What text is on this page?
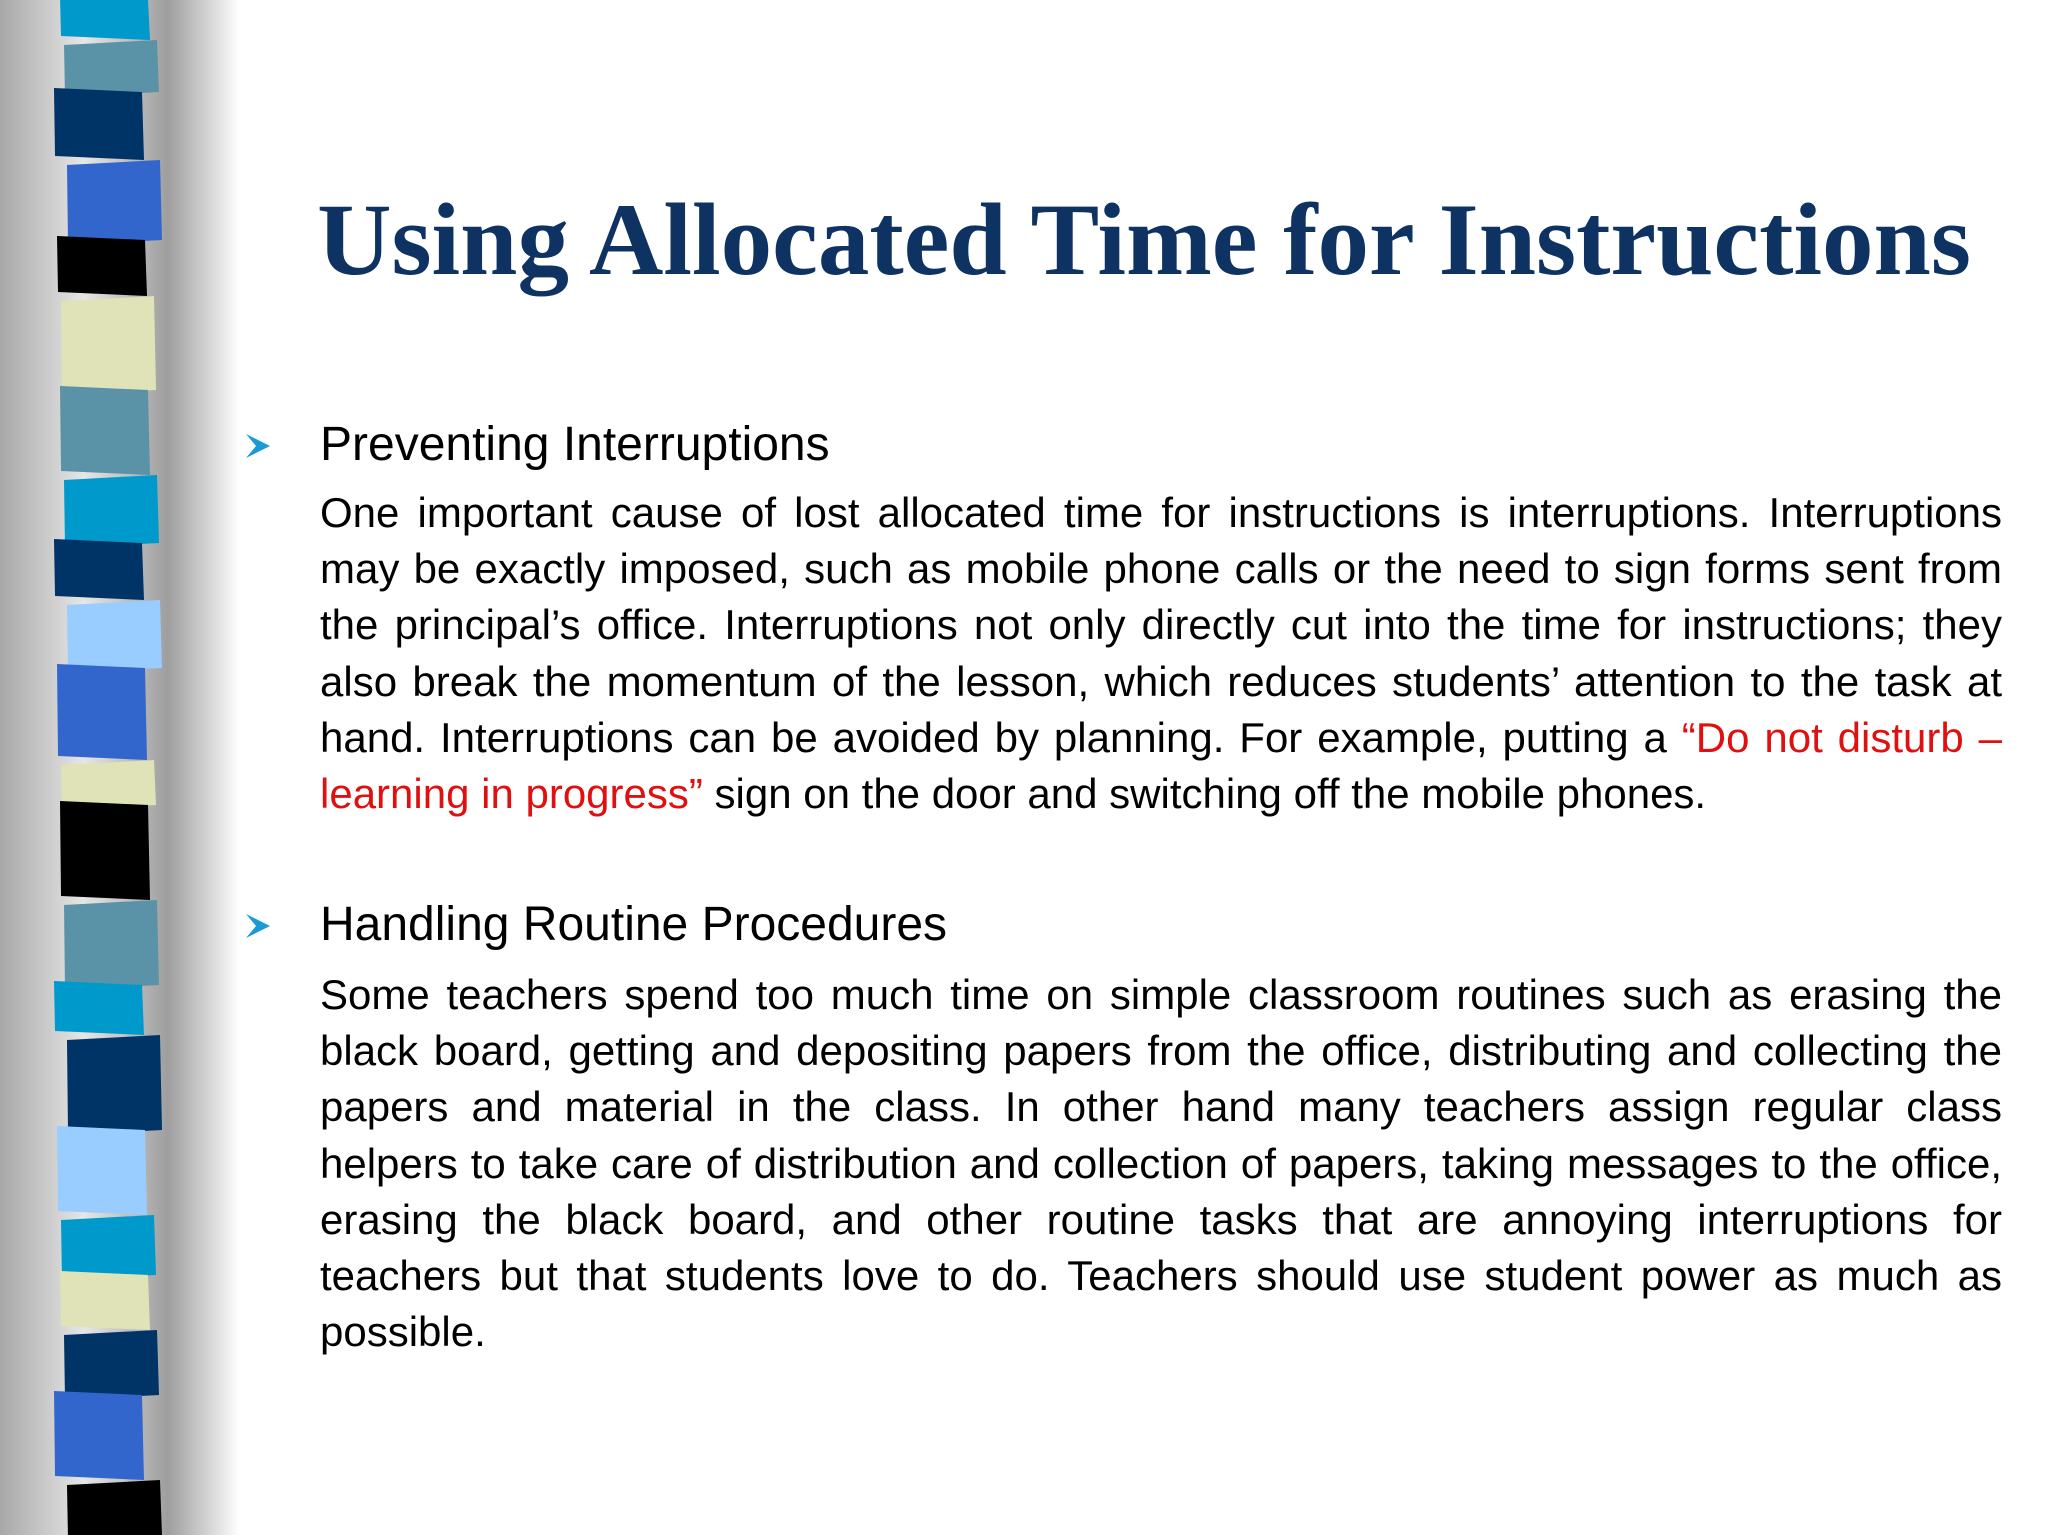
Using Allocated Time for Instructions
Preventing Interruptions

One important cause of lost allocated time for instructions is interruptions. Interruptions may be exactly imposed, such as mobile phone calls or the need to sign forms sent from the principal’s office. Interruptions not only directly cut into the time for instructions; they also break the momentum of the lesson, which reduces students’ attention to the task at hand. Interruptions can be avoided by planning. For example, putting a “Do not disturb – learning in progress” sign on the door and switching off the mobile phones.

Handling Routine Procedures

Some teachers spend too much time on simple classroom routines such as erasing the black board, getting and depositing papers from the office, distributing and collecting the papers and material in the class. In other hand many teachers assign regular class helpers to take care of distribution and collection of papers, taking messages to the office, erasing the black board, and other routine tasks that are annoying interruptions for teachers but that students love to do. Teachers should use student power as much as possible.
